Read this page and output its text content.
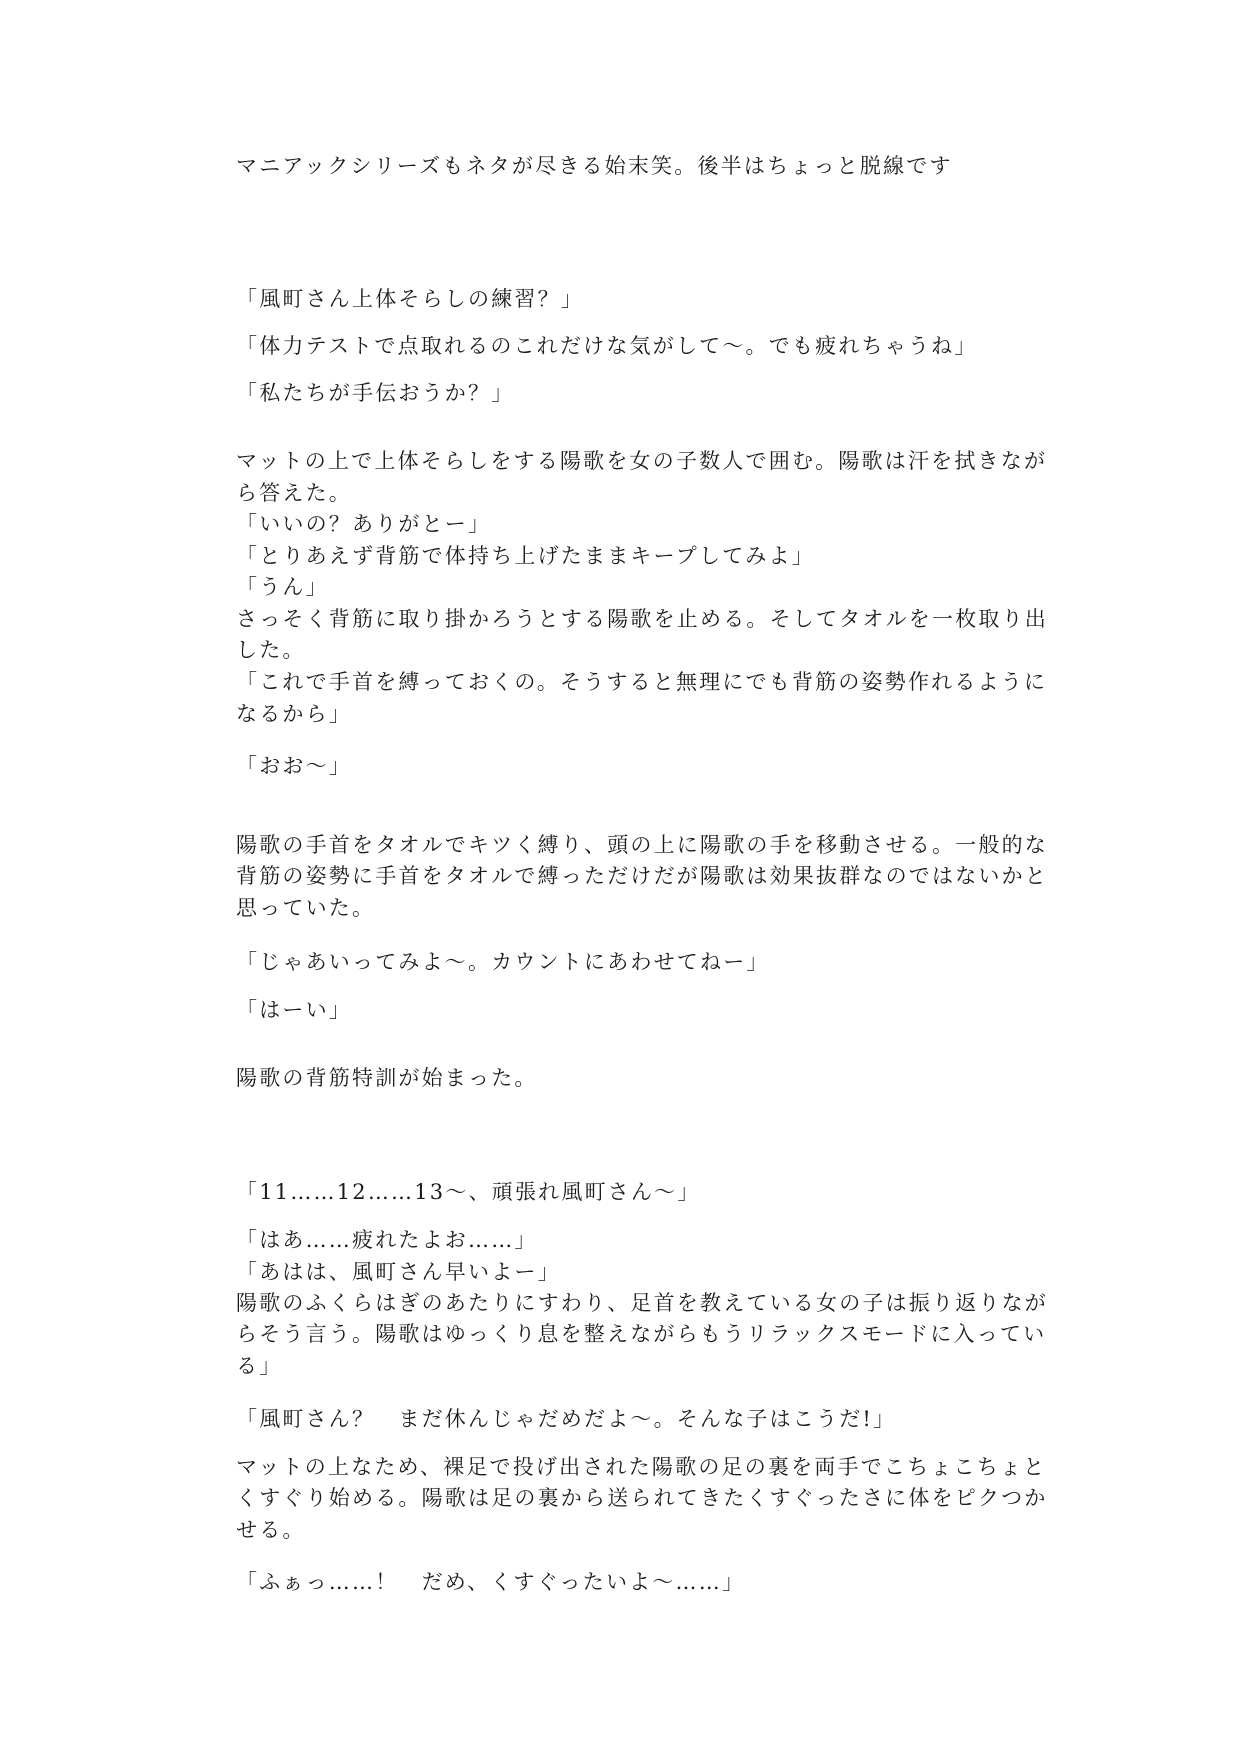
マニアックシリーズもネタが尽きる始末笑。後半はちょっと脱線です
「風町さん上体そらしの練習？」
「体力テストで点取れるのこれだけな気がして〜。でも疲れちゃうね」
「私たちが手伝おうか？」
マットの上で上体そらしをする陽歌を女の子数人で囲む。陽歌は汗を拭きなが
ら答えた。
「いいの？ありがとー」
「とりあえず背筋で体持ち上げたままキープしてみよ」
「うん」
さっそく背筋に取り掛かろうとする陽歌を止める。そしてタオルを一枚取り出
した。
「これで手首を縛っておくの。そうすると無理にでも背筋の姿勢作れるように
なるから」
「おお〜」
陽歌の手首をタオルでキツく縛り、頭の上に陽歌の手を移動させる。一般的な
背筋の姿勢に手首をタオルで縛っただけだが陽歌は効果抜群なのではないかと
思っていた。
「じゃあいってみよ〜。カウントにあわせてねー」
「はーい」
陽歌の背筋特訓が始まった。
「11……12……13〜、頑張れ風町さん〜」
「はあ……疲れたよお……」
「あはは、風町さん早いよー」
陽歌のふくらはぎのあたりにすわり、足首を教えている女の子は振り返りなが
らそう言う。陽歌はゆっくり息を整えながらもうリラックスモードに入ってい
る」
「風町さん？　まだ休んじゃだめだよ〜。そんな子はこうだ!」
マットの上なため、裸足で投げ出された陽歌の足の裏を両手でこちょこちょと
くすぐり始める。陽歌は足の裏から送られてきたくすぐったさに体をピクつか
せる。
「ふぁっ……！　だめ、くすぐったいよ〜……」
